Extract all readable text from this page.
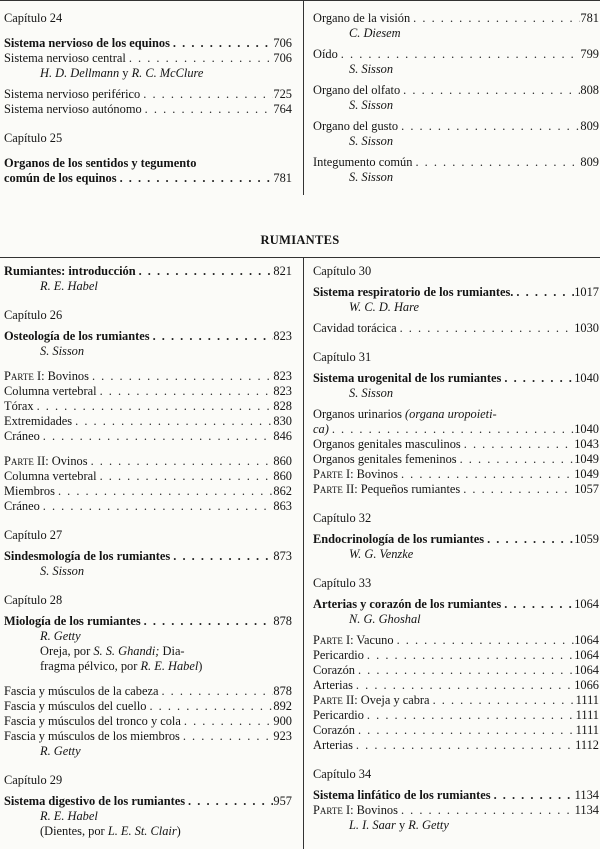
Capítulo 24
Sistema nervioso de los equinos . . .	706
Sistema nervioso central . . .	706
H. D. Dellmann y R. C. McClure
Sistema nervioso periférico . . .	725
Sistema nervioso autónomo . . .	764
Capítulo 25
Organos de los sentidos y tegumento
común de los equinos . . .	781
Organo de la visión . . .	781
C. Diesem
Oído . . .	799
S. Sisson
Organo del olfato . . .	808
S. Sisson
Organo del gusto . . .	809
S. Sisson
Integumento común . . .	809
S. Sisson
RUMIANTES
Rumiantes: introducción . . .	821
R. E. Habel
Capítulo 26
Osteología de los rumiantes . . .	823
S. Sisson
Parte I: Bovinos . . .	823
Columna vertebral . . .	823
Tórax . . .	828
Extremidades . . .	830
Cráneo . . .	846
Parte II: Ovinos . . .	860
Columna vertebral . . .	860
Miembros . . .	862
Cráneo . . .	863
Capítulo 27
Sindesmología de los rumiantes . . .	873
S. Sisson
Capítulo 28
Miología de los rumiantes . . .	878
R. Getty
Oreja, por S. S. Ghandi; Dia-
fragma pélvico, por R. E. Habel)
Fascia y músculos de la cabeza . . .	878
Fascia y músculos del cuello . . .	892
Fascia y músculos del tronco y cola . . .	900
Fascia y músculos de los miembros . . .	923
R. Getty
Capítulo 29
Sistema digestivo de los rumiantes . . .	957
R. E. Habel
(Dientes, por L. E. St. Clair)
Capítulo 30
Sistema respiratorio de los rumiantes. . . .	1017
W. C. D. Hare
Cavidad torácica . . .	1030
Capítulo 31
Sistema urogenital de los rumiantes . . .	1040
S. Sisson
Organos urinarios (organa uropoieti-
ca) . . .	1040
Organos genitales masculinos . . .	1043
Organos genitales femeninos . . .	1049
Parte I: Bovinos . . .	1049
Parte II: Pequeños rumiantes . . .	1057
Capítulo 32
Endocrinología de los rumiantes . . .	1059
W. G. Venzke
Capítulo 33
Arterias y corazón de los rumiantes . . .	1064
N. G. Ghoshal
Parte I: Vacuno . . .	1064
Pericardio . . .	1064
Corazón . . .	1064
Arterias . . .	1066
Parte II: Oveja y cabra . . .	1111
Pericardio . . .	1111
Corazón . . .	1111
Arterias . . .	1112
Capítulo 34
Sistema linfático de los rumiantes . . .	1134
Parte I: Bovinos . . .	1134
L. I. Saar y R. Getty
